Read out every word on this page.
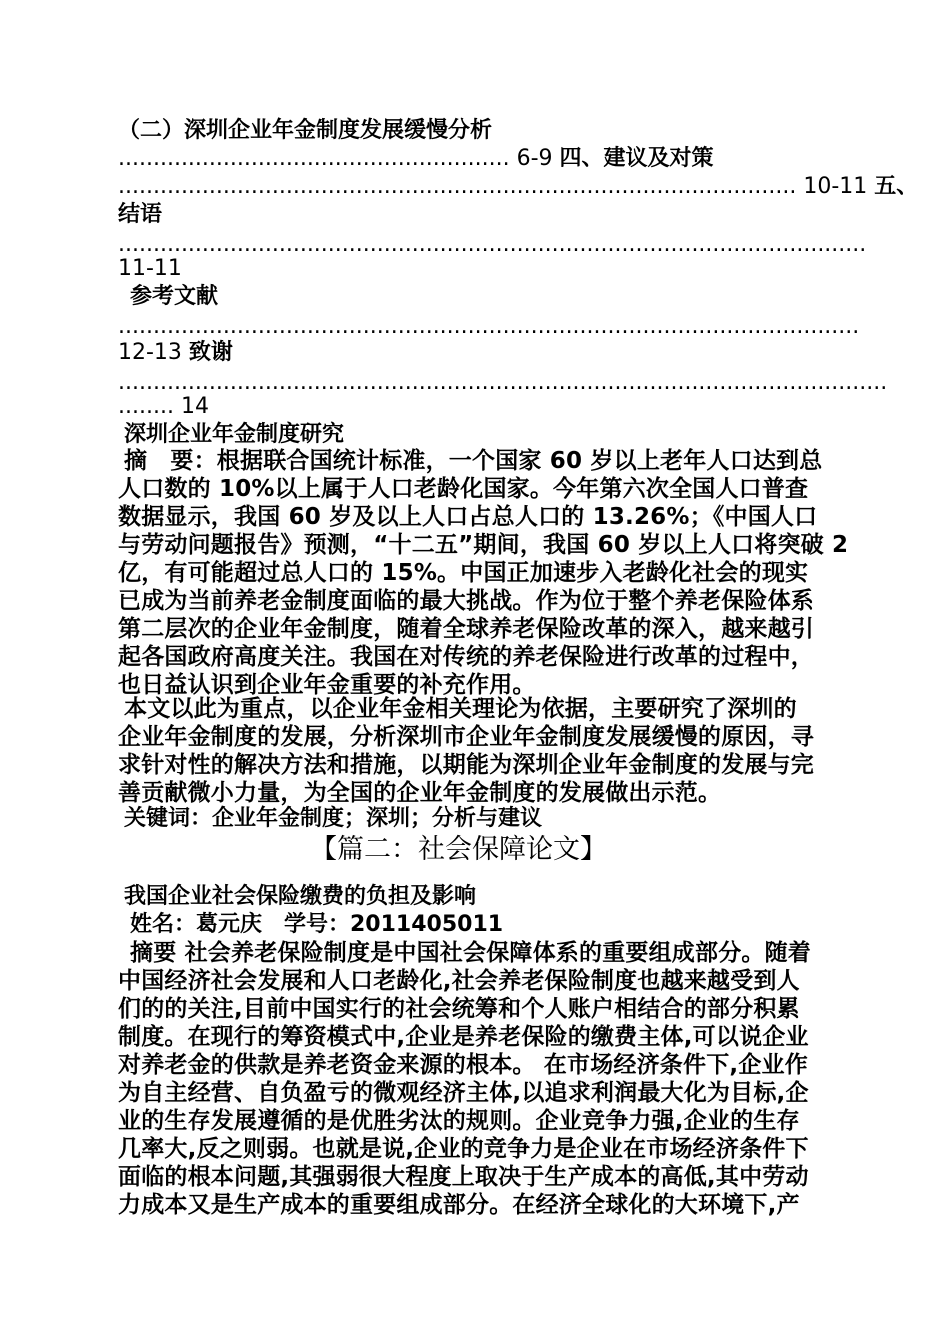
（二）深圳企业年金制度发展缓慢分析
........................................................ 6-9 四、建议及对策
................................................................................................. 10-11 五、
结语
...........................................................................................................
11-11
参考文献
..........................................................................................................
12-13 致谢
..............................................................................................................
........ 14
深圳企业年金制度研究
摘　要：根据联合国统计标准，一个国家 60 岁以上老年人口达到总
人口数的 10%以上属于人口老龄化国家。今年第六次全国人口普查
数据显示，我国 60 岁及以上人口占总人口的 13.26%；《中国人口
与劳动问题报告》预测，“十二五”期间，我国 60 岁以上人口将突破 2
亿，有可能超过总人口的 15%。中国正加速步入老龄化社会的现实
已成为当前养老金制度面临的最大挑战。作为位于整个养老保险体系
第二层次的企业年金制度，随着全球养老保险改革的深入，越来越引
起各国政府高度关注。我国在对传统的养老保险进行改革的过程中，
也日益认识到企业年金重要的补充作用。
本文以此为重点，以企业年金相关理论为依据，主要研究了深圳的
企业年金制度的发展，分析深圳市企业年金制度发展缓慢的原因，寻
求针对性的解决方法和措施，以期能为深圳企业年金制度的发展与完
善贡献微小力量，为全国的企业年金制度的发展做出示范。
关键词：企业年金制度；深圳；分析与建议
【篇二：社会保障论文】
我国企业社会保险缴费的负担及影响
姓名：葛元庆　学号：2011405011
摘要 社会养老保险制度是中国社会保障体系的重要组成部分。随着
中国经济社会发展和人口老龄化,社会养老保险制度也越来越受到人
们的的关注,目前中国实行的社会统筹和个人账户相结合的部分积累
制度。在现行的筹资模式中,企业是养老保险的缴费主体,可以说企业
对养老金的供款是养老资金来源的根本。 在市场经济条件下,企业作
为自主经营、自负盈亏的微观经济主体,以追求利润最大化为目标,企
业的生存发展遵循的是优胜劣汰的规则。企业竞争力强,企业的生存
几率大,反之则弱。也就是说,企业的竞争力是企业在市场经济条件下
面临的根本问题,其强弱很大程度上取决于生产成本的高低,其中劳动
力成本又是生产成本的重要组成部分。在经济全球化的大环境下,产
